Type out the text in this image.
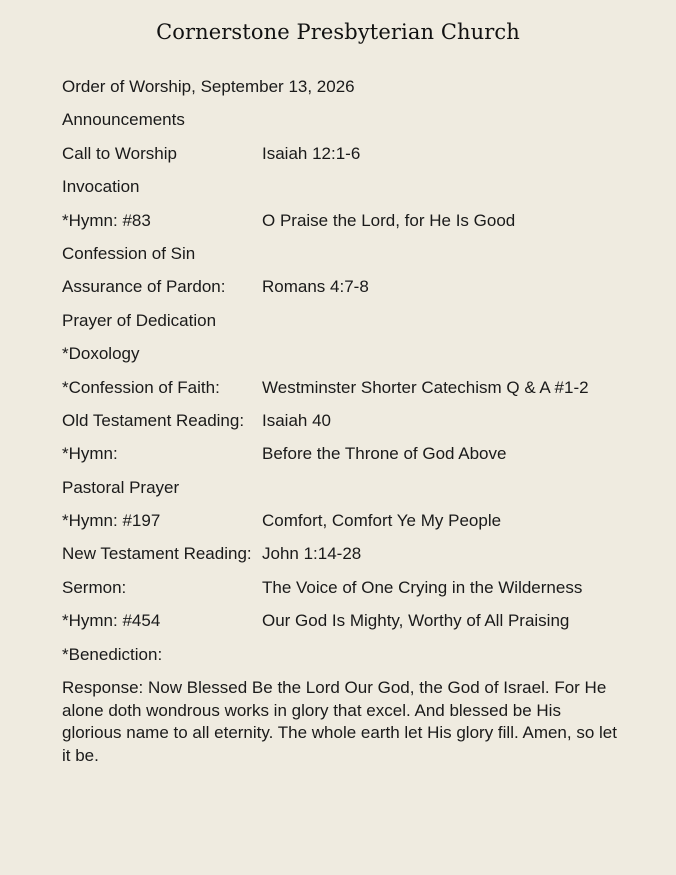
Cornerstone Presbyterian Church
Order of Worship, September 13, 2026
Announcements
Call to Worship	Isaiah 12:1-6
Invocation
*Hymn: #83	O Praise the Lord, for He Is Good
Confession of Sin
Assurance of Pardon:	Romans 4:7-8
Prayer of Dedication
*Doxology
*Confession of Faith:	Westminster Shorter Catechism Q & A #1-2
Old Testament Reading:	Isaiah 40
*Hymn:	Before the Throne of God Above
Pastoral Prayer
*Hymn: #197	Comfort, Comfort Ye My People
New Testament Reading: John 1:14-28
Sermon:	The Voice of One Crying in the Wilderness
*Hymn: #454	Our God Is Mighty, Worthy of All Praising
*Benediction:
Response: Now Blessed Be the Lord Our God, the God of Israel. For He alone doth wondrous works in glory that excel. And blessed be His glorious name to all eternity. The whole earth let His glory fill. Amen, so let it be.
